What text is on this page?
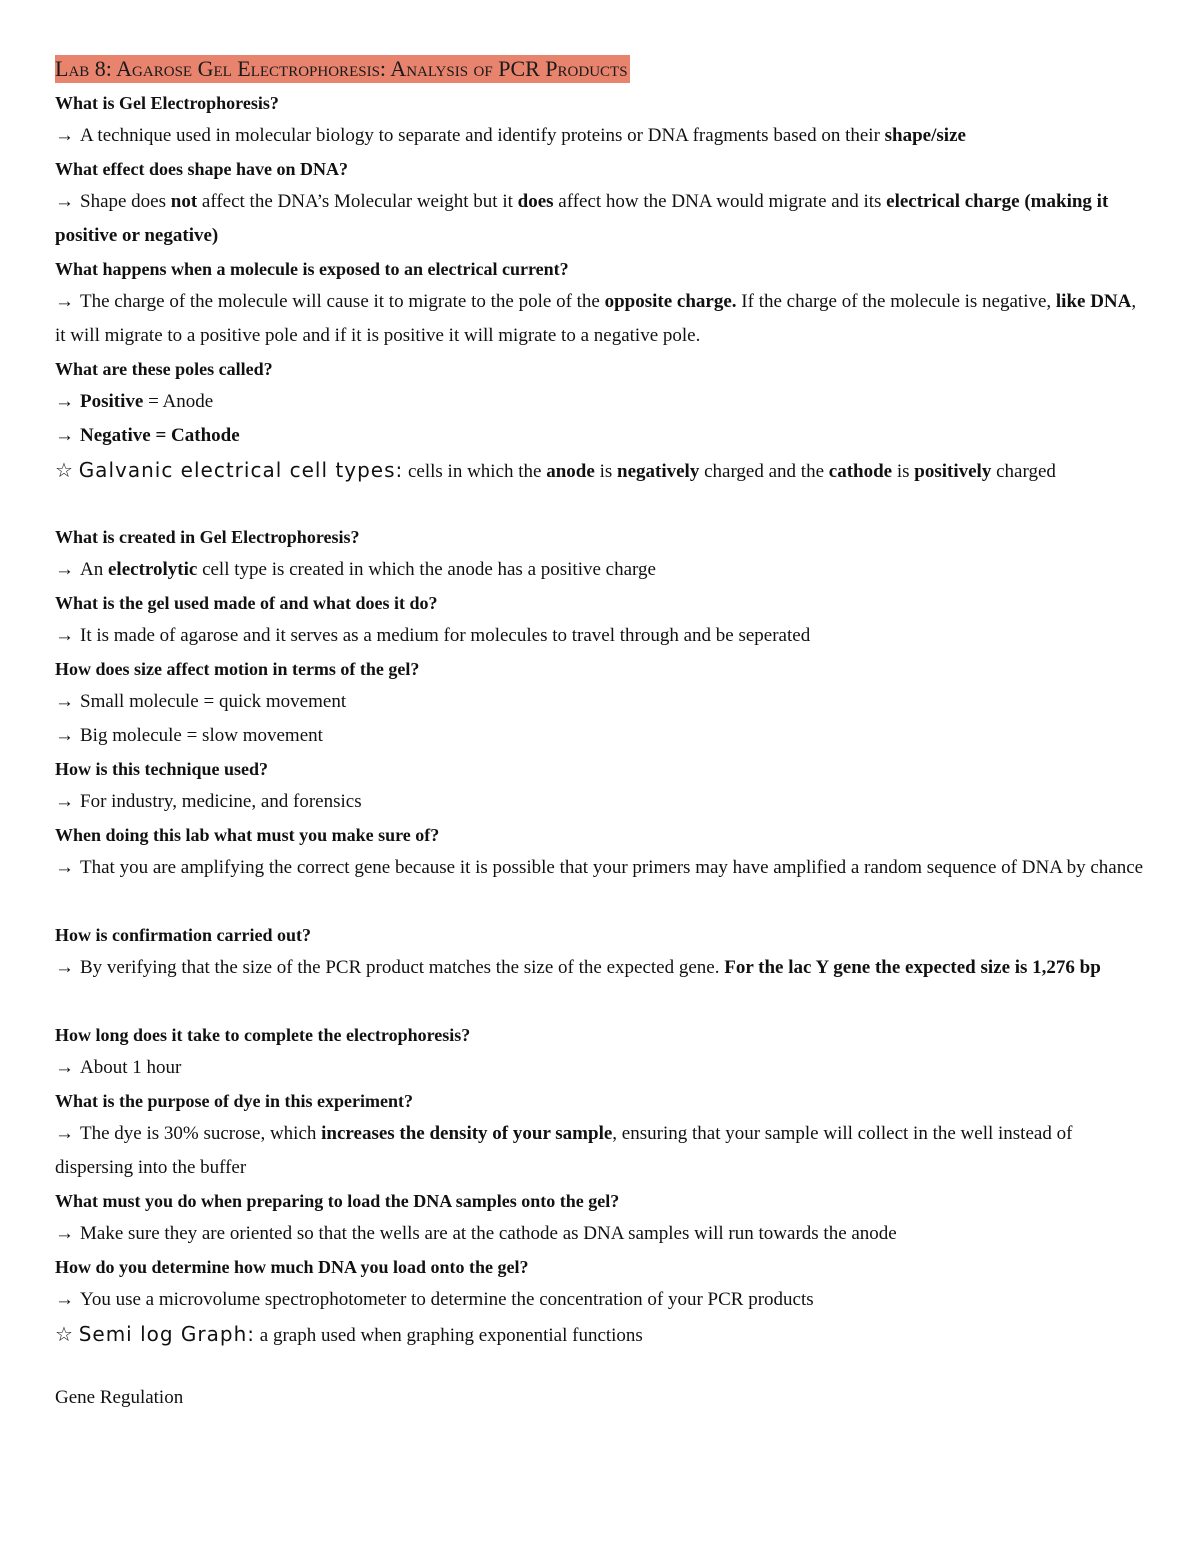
Lab 8: Agarose Gel Electrophoresis: Analysis of PCR Products
What is Gel Electrophoresis?
→ A technique used in molecular biology to separate and identify proteins or DNA fragments based on their shape/size
What effect does shape have on DNA?
→ Shape does not affect the DNA’s Molecular weight but it does affect how the DNA would migrate and its electrical charge (making it positive or negative)
What happens when a molecule is exposed to an electrical current?
→ The charge of the molecule will cause it to migrate to the pole of the opposite charge. If the charge of the molecule is negative, like DNA, it will migrate to a positive pole and if it is positive it will migrate to a negative pole.
What are these poles called?
→ Positive = Anode
→ Negative = Cathode
☆ Galvanic electrical cell types: cells in which the anode is negatively charged and the cathode is positively charged
What is created in Gel Electrophoresis?
→ An electrolytic cell type is created in which the anode has a positive charge
What is the gel used made of and what does it do?
→ It is made of agarose and it serves as a medium for molecules to travel through and be seperated
How does size affect motion in terms of the gel?
→ Small molecule = quick movement
→ Big molecule = slow movement
How is this technique used?
→ For industry, medicine, and forensics
When doing this lab what must you make sure of?
→ That you are amplifying the correct gene because it is possible that your primers may have amplified a random sequence of DNA by chance
How is confirmation carried out?
→ By verifying that the size of the PCR product matches the size of the expected gene. For the lac Y gene the expected size is 1,276 bp
How long does it take to complete the electrophoresis?
→ About 1 hour
What is the purpose of dye in this experiment?
→ The dye is 30% sucrose, which increases the density of your sample, ensuring that your sample will collect in the well instead of dispersing into the buffer
What must you do when preparing to load the DNA samples onto the gel?
→ Make sure they are oriented so that the wells are at the cathode as DNA samples will run towards the anode
How do you determine how much DNA you load onto the gel?
→ You use a microvolume spectrophotometer to determine the concentration of your PCR products
☆ Semi log Graph: a graph used when graphing exponential functions
Gene Regulation
